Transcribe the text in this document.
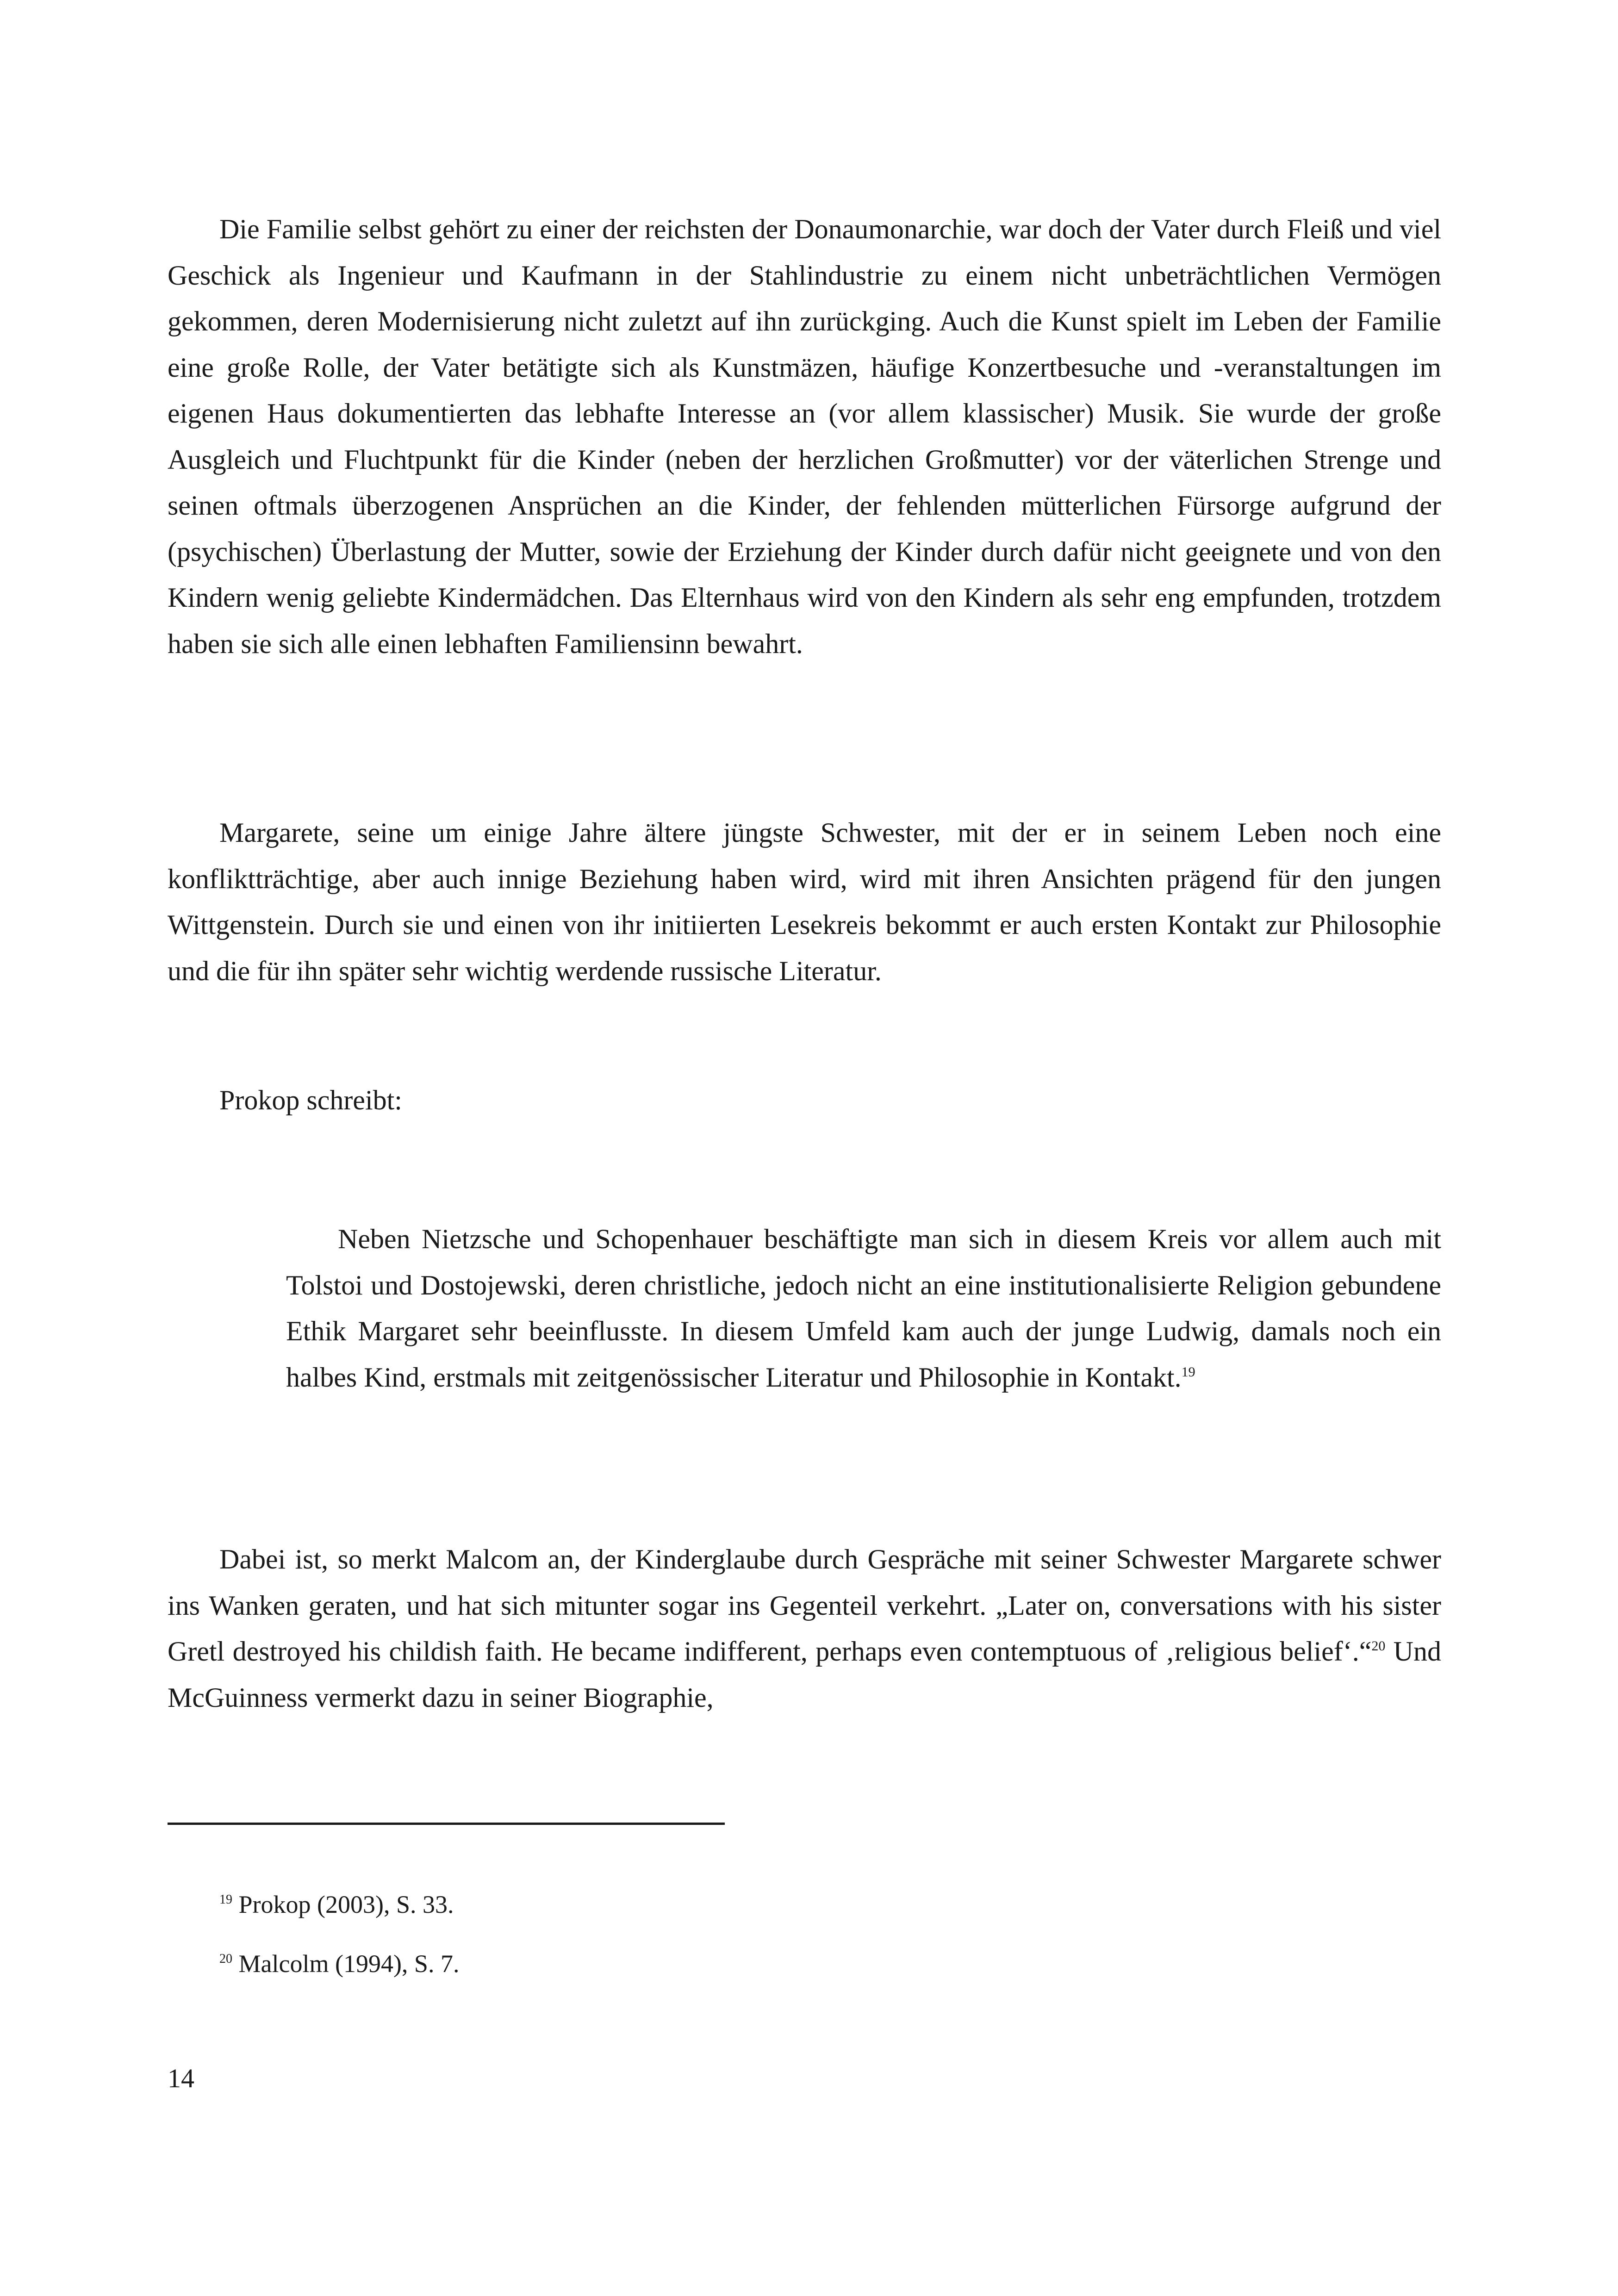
Die Familie selbst gehört zu einer der reichsten der Donaumonarchie, war doch der Vater durch Fleiß und viel Geschick als Ingenieur und Kaufmann in der Stahlindustrie zu einem nicht unbeträchtlichen Vermögen gekommen, deren Modernisierung nicht zuletzt auf ihn zurückging. Auch die Kunst spielt im Leben der Familie eine große Rolle, der Vater betätigte sich als Kunstmäzen, häufige Konzertbesuche und -veranstaltungen im eigenen Haus dokumentierten das lebhafte Interesse an (vor allem klassischer) Musik. Sie wurde der große Ausgleich und Fluchtpunkt für die Kinder (neben der herzlichen Großmutter) vor der väterlichen Strenge und seinen oftmals überzogenen Ansprüchen an die Kinder, der fehlenden mütterlichen Fürsorge aufgrund der (psychischen) Überlastung der Mutter, sowie der Erziehung der Kinder durch dafür nicht geeignete und von den Kindern wenig geliebte Kindermädchen. Das Elternhaus wird von den Kindern als sehr eng empfunden, trotzdem haben sie sich alle einen lebhaften Familiensinn bewahrt.

Margarete, seine um einige Jahre ältere jüngste Schwester, mit der er in seinem Leben noch eine konfliktträchtige, aber auch innige Beziehung haben wird, wird mit ihren Ansichten prägend für den jungen Wittgenstein. Durch sie und einen von ihr initiierten Lesekreis bekommt er auch ersten Kontakt zur Philosophie und die für ihn später sehr wichtig werdende russische Literatur.

Prokop schreibt:

Neben Nietzsche und Schopenhauer beschäftigte man sich in diesem Kreis vor allem auch mit Tolstoi und Dostojewski, deren christliche, jedoch nicht an eine institutionalisierte Religion gebundene Ethik Margaret sehr beeinflusste. In diesem Umfeld kam auch der junge Ludwig, damals noch ein halbes Kind, erstmals mit zeitgenössischer Literatur und Philosophie in Kontakt.$^{19}$

Dabei ist, so merkt Malcom an, der Kinderglaube durch Gespräche mit seiner Schwester Margarete schwer ins Wanken geraten, und hat sich mitunter sogar ins Gegenteil verkehrt. „Later on, conversations with his sister Gretl destroyed his childish faith. He became indifferent, perhaps even contemptuous of ‚religious belief‘.“$^{20}$ Und McGuinness vermerkt dazu in seiner Biographie,

$^{19}$ Prokop (2003), S. 33.

$^{20}$ Malcolm (1994), S. 7.

14
